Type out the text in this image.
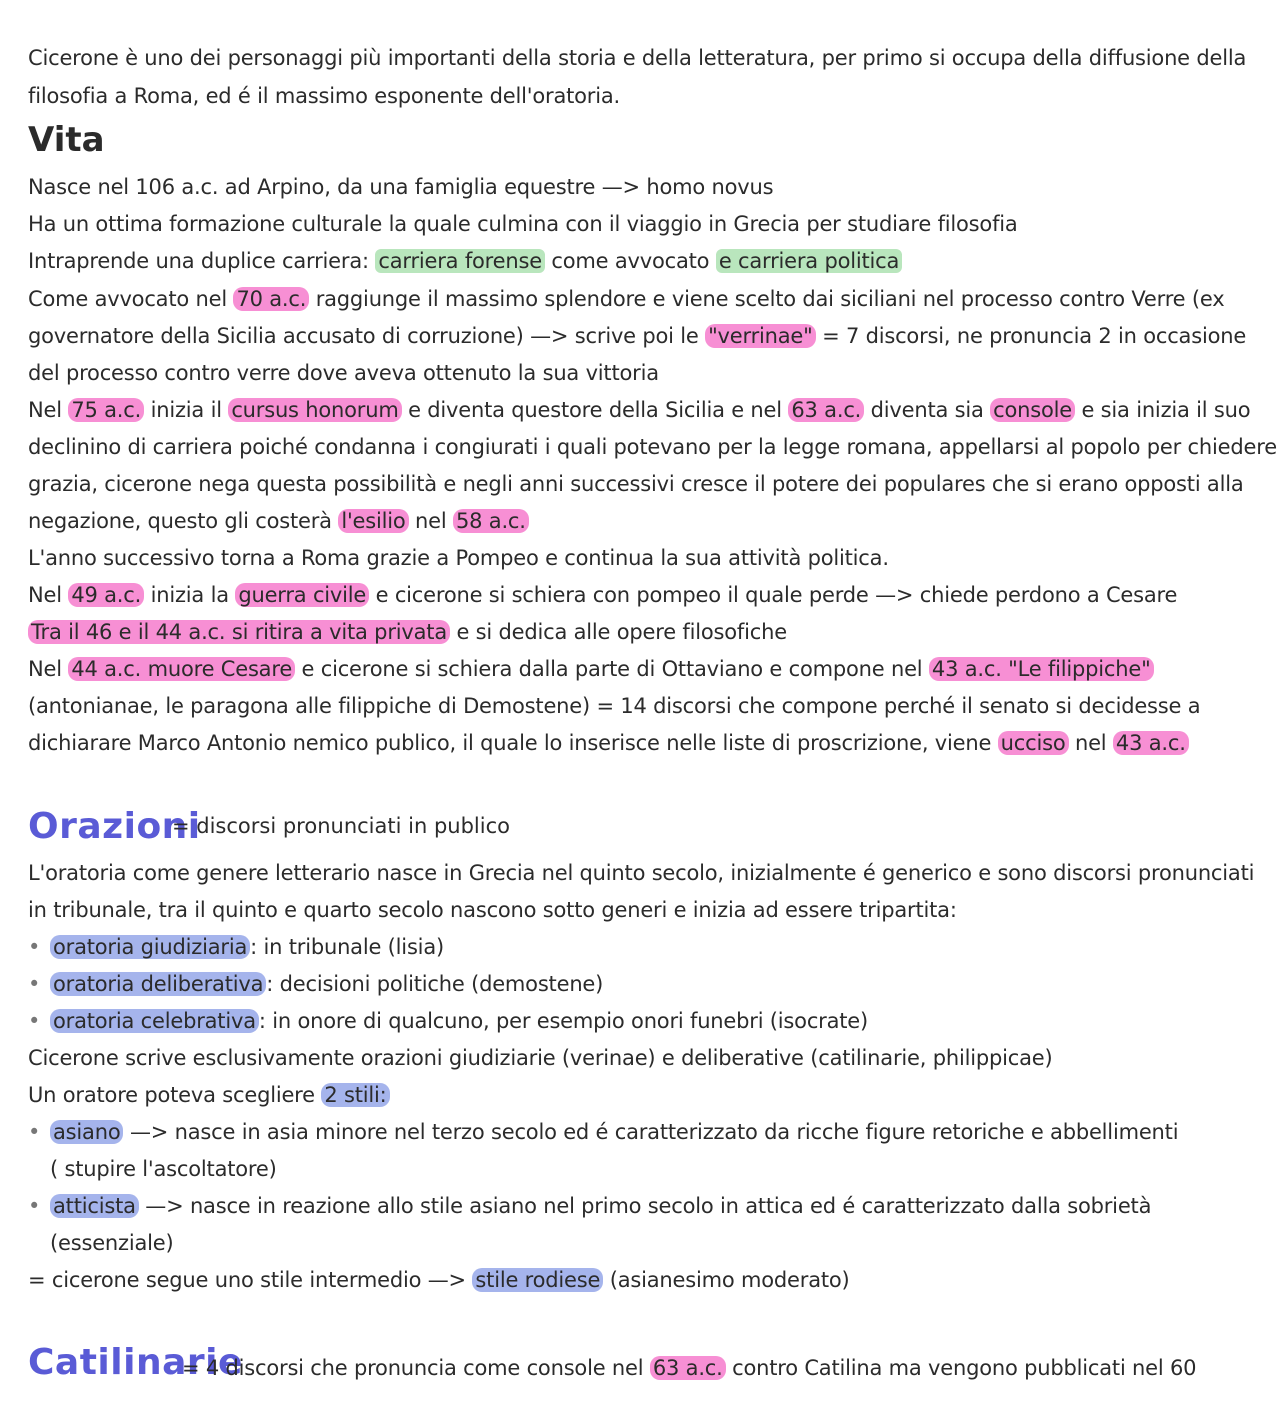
Cicerone è uno dei personaggi più importanti della storia e della letteratura, per primo si occupa della diffusione della
filosofia a Roma, ed é il massimo esponente dell'oratoria.
Vita
Nasce nel 106 a.c. ad Arpino, da una famiglia equestre —> homo novus
Ha un ottima formazione culturale la quale culmina con il viaggio in Grecia per studiare filosofia
Intraprende una duplice carriera: carriera forense come avvocato e carriera politica
Come avvocato nel 70 a.c. raggiunge il massimo splendore e viene scelto dai siciliani nel processo contro Verre (ex
governatore della Sicilia accusato di corruzione) —> scrive poi le "verrinae" = 7 discorsi, ne pronuncia 2 in occasione
del processo contro verre dove aveva ottenuto la sua vittoria
Nel 75 a.c. inizia il cursus honorum e diventa questore della Sicilia e nel 63 a.c. diventa sia console e sia inizia il suo
declinino di carriera poiché condanna i congiurati i quali potevano per la legge romana, appellarsi al popolo per chiedere
grazia, cicerone nega questa possibilità e negli anni successivi cresce il potere dei populares che si erano opposti alla
negazione, questo gli costerà l'esilio nel 58 a.c.
L'anno successivo torna a Roma grazie a Pompeo e continua la sua attività politica.
Nel 49 a.c. inizia la guerra civile e cicerone si schiera con pompeo il quale perde —> chiede perdono a Cesare
Tra il 46 e il 44 a.c. si ritira a vita privata e si dedica alle opere filosofiche
Nel 44 a.c. muore Cesare e cicerone si schiera dalla parte di Ottaviano e compone nel 43 a.c. "Le filippiche"
(antonianae, le paragona alle filippiche di Demostene) = 14 discorsi che compone perché il senato si decidesse a
dichiarare Marco Antonio nemico publico, il quale lo inserisce nelle liste di proscrizione, viene ucciso nel 43 a.c.
Orazioni
= discorsi pronunciati in publico
L'oratoria come genere letterario nasce in Grecia nel quinto secolo, inizialmente é generico e sono discorsi pronunciati
in tribunale, tra il quinto e quarto secolo nascono sotto generi e inizia ad essere tripartita:
• oratoria giudiziaria : in tribunale (lisia)
• oratoria deliberativa : decisioni politiche (demostene)
• oratoria celebrativa : in onore di qualcuno, per esempio onori funebri (isocrate)
Cicerone scrive esclusivamente orazioni giudiziarie (verinae) e deliberative (catilinarie, philippicae)
Un oratore poteva scegliere 2 stili:
• asiano —> nasce in asia minore nel terzo secolo ed é caratterizzato da ricche figure retoriche e abbellimenti
( stupire l'ascoltatore)
• atticista —> nasce in reazione allo stile asiano nel primo secolo in attica ed é caratterizzato dalla sobrietà
(essenziale)
= cicerone segue uno stile intermedio —> stile rodiese (asianesimo moderato)
Catilinarie
= 4 discorsi che pronuncia come console nel 63 a.c. contro Catilina ma vengono pubblicati nel 60
